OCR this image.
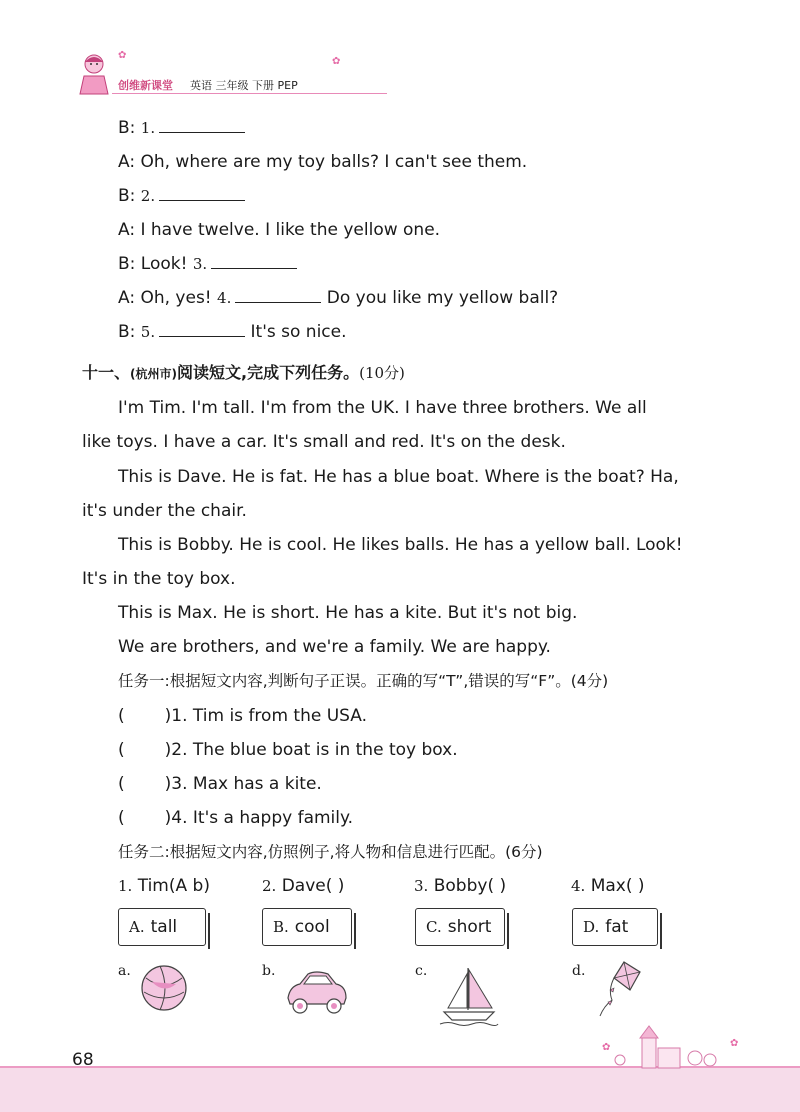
创维新课堂 英语 三年级 下册 PEP
✿
✿
B: 1.
A: Oh, where are my toy balls? I can't see them.
B: 2.
A: I have twelve. I like the yellow one.
B: Look! 3.
A: Oh, yes! 4.	Do you like my yellow ball?
B: 5.	It's so nice.
十一、(杭州市)阅读短文,完成下列任务。(10分)
I'm Tim. I'm tall. I'm from the UK. I have three brothers. We all
like toys. I have a car. It's small and red. It's on the desk.
This is Dave. He is fat. He has a blue boat. Where is the boat? Ha,
it's under the chair.
This is Bobby. He is cool. He likes balls. He has a yellow ball. Look!
It's in the toy box.
This is Max. He is short. He has a kite. But it's not big.
We are brothers, and we're a family. We are happy.
任务一:根据短文内容,判断句子正误。正确的写“T”,错误的写“F”。(4分)
( )1. Tim is from the USA.
( )2. The blue boat is in the toy box.
( )3. Max has a kite.
( )4. It's a happy family.
任务二:根据短文内容,仿照例子,将人物和信息进行匹配。(6分)
1. Tim(A b)	2. Dave( )	3. Bobby( )	4. Max( )
A. tall	B. cool	C. short	D. fat
a.	b.	c.	d.
✿	✿
68
